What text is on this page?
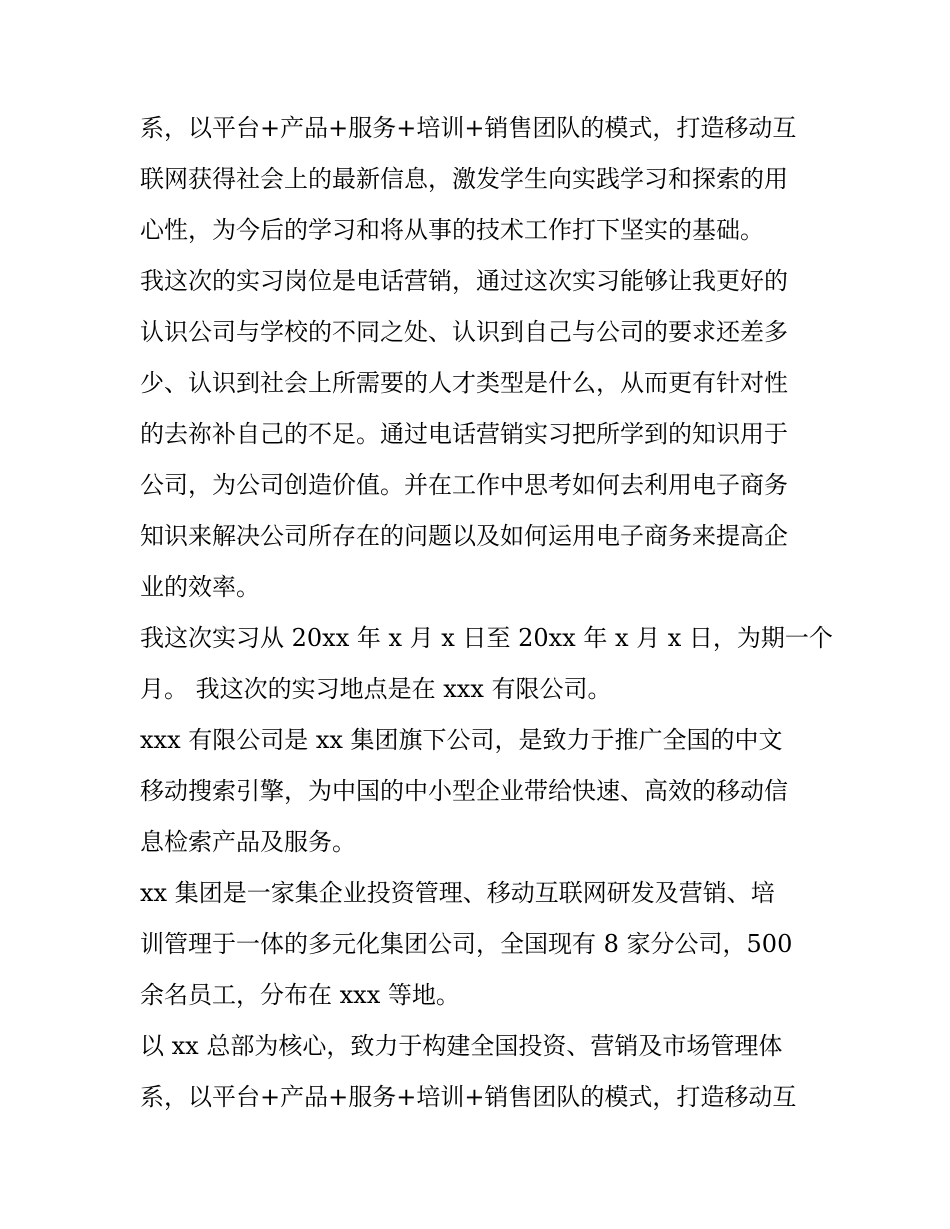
系，以平台+产品+服务+培训+销售团队的模式，打造移动互
联网获得社会上的最新信息，激发学生向实践学习和探索的用
心性，为今后的学习和将从事的技术工作打下坚实的基础。
我这次的实习岗位是电话营销，通过这次实习能够让我更好的
认识公司与学校的不同之处、认识到自己与公司的要求还差多
少、认识到社会上所需要的人才类型是什么，从而更有针对性
的去祢补自己的不足。通过电话营销实习把所学到的知识用于
公司，为公司创造价值。并在工作中思考如何去利用电子商务
知识来解决公司所存在的问题以及如何运用电子商务来提高企
业的效率。
我这次实习从 20xx 年 x 月 x 日至 20xx 年 x 月 x 日，为期一个
月。 我这次的实习地点是在 xxx 有限公司。
xxx 有限公司是 xx 集团旗下公司，是致力于推广全国的中文
移动搜索引擎，为中国的中小型企业带给快速、高效的移动信
息检索产品及服务。
xx 集团是一家集企业投资管理、移动互联网研发及营销、培
训管理于一体的多元化集团公司，全国现有 8 家分公司，500
余名员工，分布在 xxx 等地。
以 xx 总部为核心，致力于构建全国投资、营销及市场管理体
系，以平台+产品+服务+培训+销售团队的模式，打造移动互
